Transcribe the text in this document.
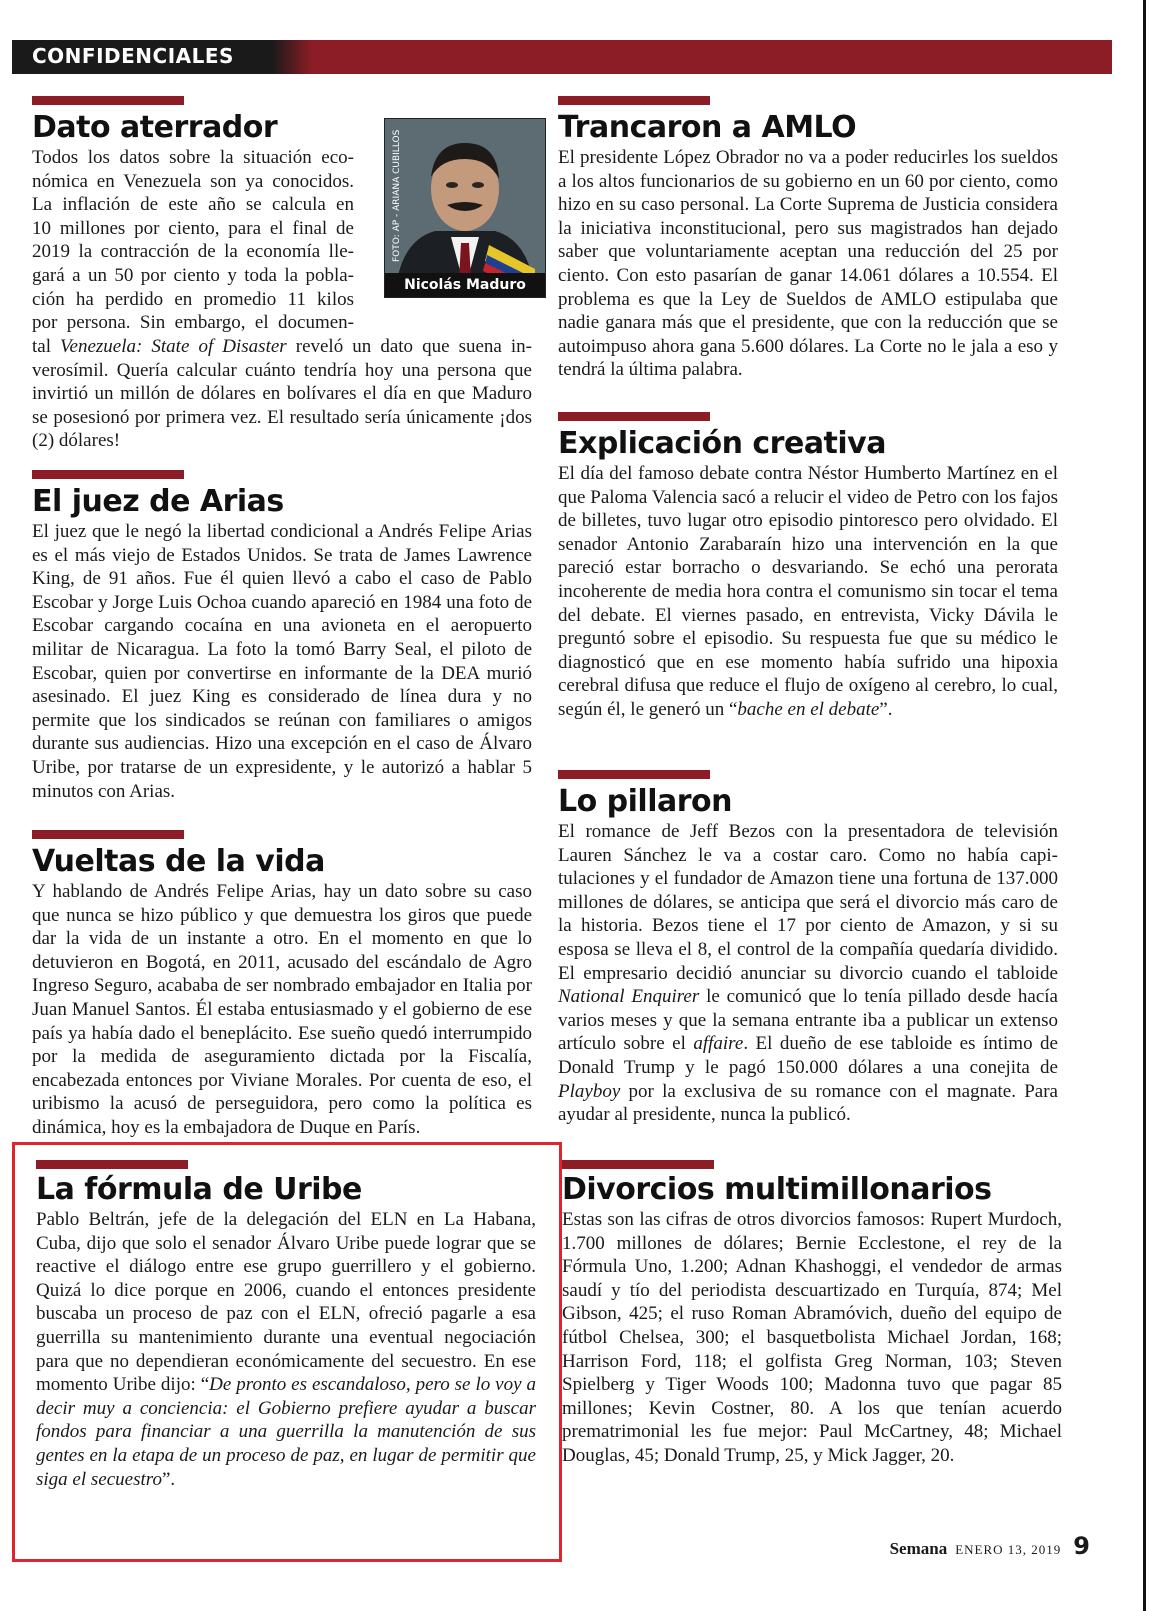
CONFIDENCIALES
Dato aterrador
Todos los datos sobre la situación eco-
nómica en Venezuela son ya conocidos.
La inflación de este año se calcula en
10 millones por ciento, para el final de
2019 la contracción de la economía lle-
gará a un 50 por ciento y toda la pobla-
ción ha perdido en promedio 11 kilos
por persona. Sin embargo, el documen-

tal Venezuela: State of Disaster reveló un dato que suena inverosímil. Quería calcular cuánto tendría hoy una persona que invirtió un millón de dólares en bolívares el día en que Maduro se posesionó por primera vez. El resultado sería únicamente ¡dos (2) dólares!

Nicolás Maduro
FOTO: AP - ARIANA CUBILLOS
El juez de Arias

El juez que le negó la libertad condicional a Andrés Felipe Arias es el más viejo de Estados Unidos. Se trata de James Lawrence King, de 91 años. Fue él quien llevó a cabo el caso de Pablo Escobar y Jorge Luis Ochoa cuando apareció en 1984 una foto de Escobar cargando cocaína en una avioneta en el aeropuerto militar de Nicaragua. La foto la tomó Barry Seal, el piloto de Escobar, quien por convertirse en informante de la DEA murió asesinado. El juez King es considerado de línea dura y no permite que los sindicados se reúnan con familiares o amigos durante sus audiencias. Hizo una excepción en el caso de Álvaro Uribe, por tratarse de un expresidente, y le autorizó a hablar 5 minutos con Arias.

Vueltas de la vida

Y hablando de Andrés Felipe Arias, hay un dato sobre su caso que nunca se hizo público y que demuestra los giros que puede dar la vida de un instante a otro. En el momento en que lo detuvieron en Bogotá, en 2011, acusado del escándalo de Agro Ingreso Seguro, acababa de ser nombrado embajador en Italia por Juan Manuel Santos. Él estaba entusiasmado y el gobierno de ese país ya había dado el beneplácito. Ese sueño quedó interrumpido por la medida de aseguramiento dictada por la Fiscalía, encabezada entonces por Viviane Morales. Por cuenta de eso, el uribismo la acusó de perseguidora, pero como la política es dinámica, hoy es la embajadora de Duque en París.

La fórmula de Uribe

Pablo Beltrán, jefe de la delegación del ELN en La Habana, Cuba, dijo que solo el senador Álvaro Uribe puede lograr que se reactive el diálogo entre ese grupo guerrillero y el gobierno. Quizá lo dice porque en 2006, cuando el entonces presidente buscaba un proceso de paz con el ELN, ofreció pagarle a esa guerrilla su mantenimiento durante una eventual negociación para que no dependieran económicamente del secuestro. En ese momento Uribe dijo: “De pronto es escandaloso, pero se lo voy a decir muy a conciencia: el Gobierno prefiere ayudar a buscar fondos para financiar a una guerrilla la manutención de sus gentes en la etapa de un proceso de paz, en lugar de permitir que siga el secuestro”.

Trancaron a AMLO

El presidente López Obrador no va a poder reducirles los sueldos a los altos funcionarios de su gobierno en un 60 por ciento, como hizo en su caso personal. La Corte Suprema de Justicia considera la iniciativa inconstitucional, pero sus magistrados han dejado saber que voluntariamente aceptan una reducción del 25 por ciento. Con esto pasarían de ganar 14.061 dólares a 10.554. El problema es que la Ley de Sueldos de AMLO estipulaba que nadie ganara más que el presidente, que con la reducción que se autoimpuso ahora gana 5.600 dólares. La Corte no le jala a eso y tendrá la última palabra.

Explicación creativa

El día del famoso debate contra Néstor Humberto Martínez en el que Paloma Valencia sacó a relucir el video de Petro con los fajos de billetes, tuvo lugar otro episodio pintoresco pero olvidado. El senador Antonio Zarabaraín hizo una intervención en la que pareció estar borracho o desvariando. Se echó una perorata incoherente de media hora contra el comunismo sin tocar el tema del debate. El viernes pasado, en entrevista, Vicky Dávila le preguntó sobre el episodio. Su respuesta fue que su médico le diagnosticó que en ese momento había sufrido una hipoxia cerebral difusa que reduce el flujo de oxígeno al cerebro, lo cual, según él, le generó un “bache en el debate”.

Lo pillaron

El romance de Jeff Bezos con la presentadora de televisión Lauren Sánchez le va a costar caro. Como no había capitulaciones y el fundador de Amazon tiene una fortuna de 137.000 millones de dólares, se anticipa que será el divorcio más caro de la historia. Bezos tiene el 17 por ciento de Amazon, y si su esposa se lleva el 8, el control de la compañía quedaría dividido. El empresario decidió anunciar su divorcio cuando el tabloide National Enquirer le comunicó que lo tenía pillado desde hacía varios meses y que la semana entrante iba a publicar un extenso artículo sobre el affaire. El dueño de ese tabloide es íntimo de Donald Trump y le pagó 150.000 dólares a una conejita de Playboy por la exclusiva de su romance con el magnate. Para ayudar al presidente, nunca la publicó.

Divorcios multimillonarios

Estas son las cifras de otros divorcios famosos: Rupert Murdoch, 1.700 millones de dólares; Bernie Ecclestone, el rey de la Fórmula Uno, 1.200; Adnan Khashoggi, el vendedor de armas saudí y tío del periodista descuartizado en Turquía, 874; Mel Gibson, 425; el ruso Roman Abramóvich, dueño del equipo de fútbol Chelsea, 300; el basquetbolista Michael Jordan, 168; Harrison Ford, 118; el golfista Greg Norman, 103; Steven Spielberg y Tiger Woods 100; Madonna tuvo que pagar 85 millones; Kevin Costner, 80. A los que tenían acuerdo prematrimonial les fue mejor: Paul McCartney, 48; Michael Douglas, 45; Donald Trump, 25, y Mick Jagger, 20.

Semana ENERO 13, 2019 9
